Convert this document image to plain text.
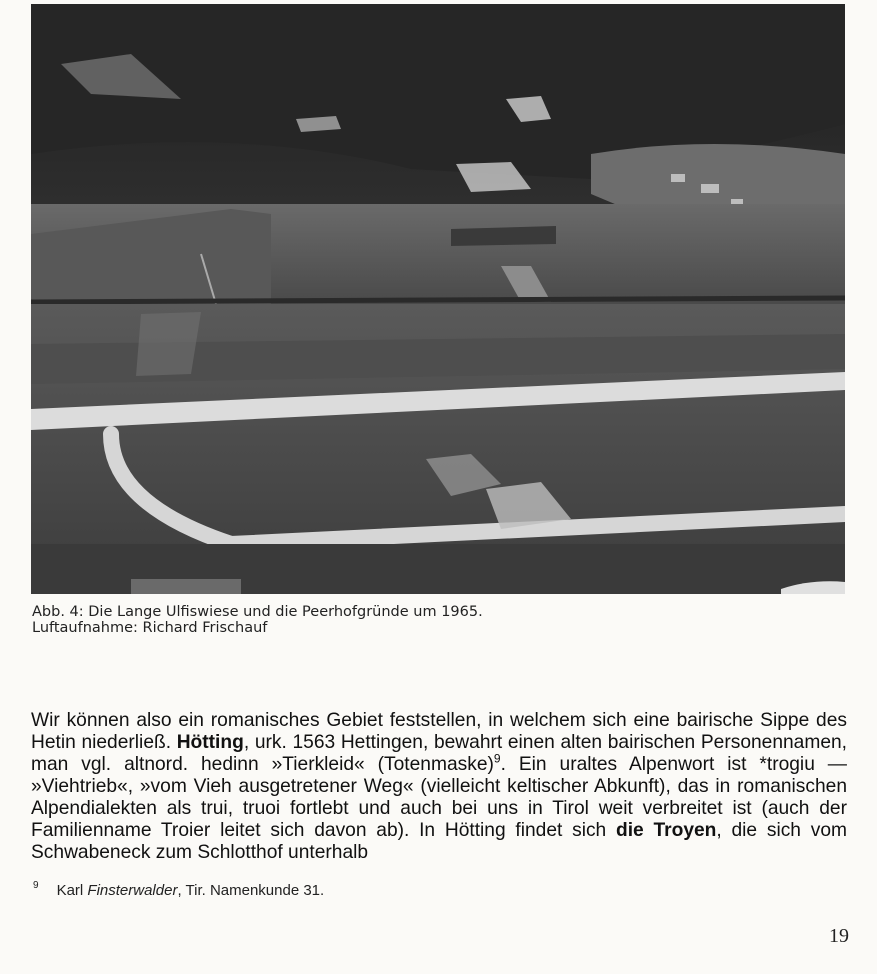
Abb. 4: Die Lange Ulfiswiese und die Peerhofgründe um 1965.
Luftaufnahme: Richard Frischauf
Wir können also ein romanisches Gebiet feststellen, in welchem sich eine bairische Sippe des Hetin niederließ. Hötting, urk. 1563 Hettingen, bewahrt einen alten bairischen Personennamen, man vgl. altnord. hedinn »Tierkleid« (Totenmaske)$^9$. Ein uraltes Alpenwort ist *trogiu — »Viehtrieb«, »vom Vieh ausgetretener Weg« (vielleicht keltischer Abkunft), das in romanischen Alpendialekten als trui, truoi fortlebt und auch bei uns in Tirol weit verbreitet ist (auch der Familienname Troier leitet sich davon ab). In Hötting findet sich die Troyen, die sich vom Schwabeneck zum Schlotthof unterhalb
$^9$ Karl Finsterwalder, Tir. Namenkunde 31.
19
